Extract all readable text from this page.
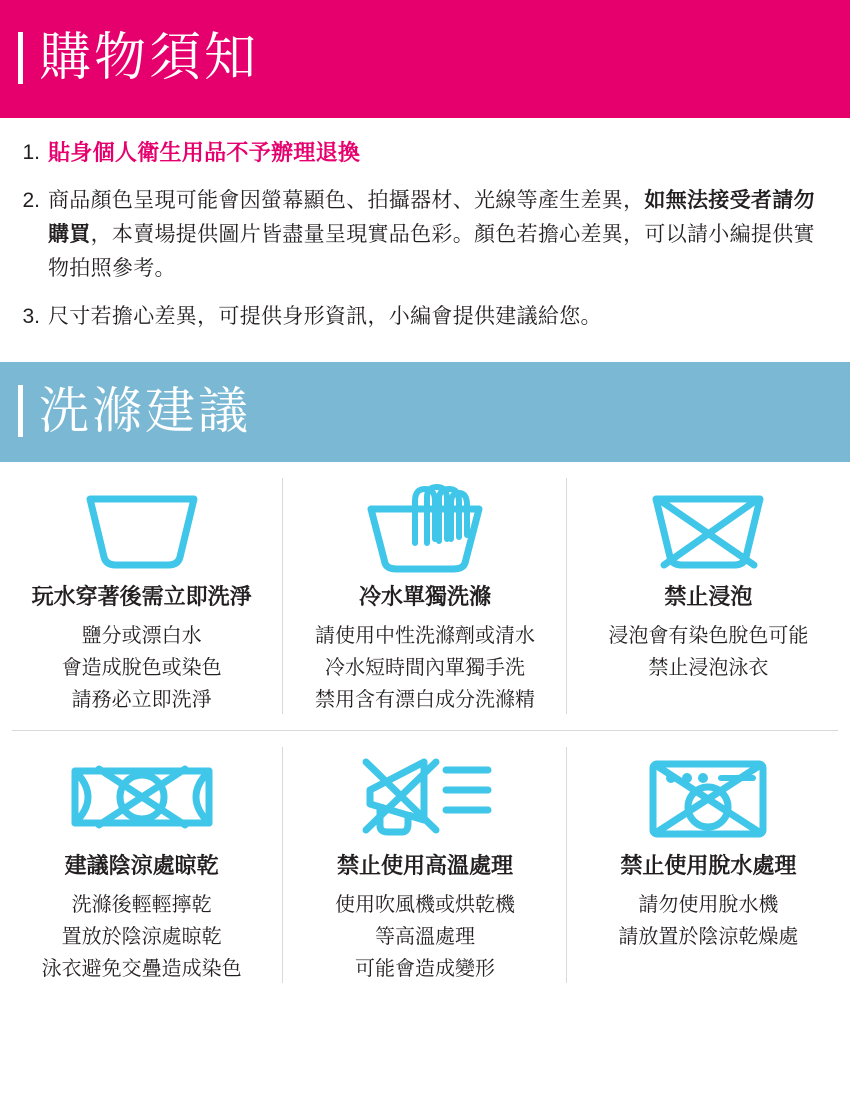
購物須知
1. 貼身個人衛生用品不予辦理退換
2. 商品顏色呈現可能會因螢幕顯色、拍攝器材、光線等產生差異，如無法接受者請勿購買，本賣場提供圖片皆盡量呈現實品色彩。顏色若擔心差異，可以請小編提供實物拍照參考。
3. 尺寸若擔心差異，可提供身形資訊，小編會提供建議給您。
洗滌建議
玩水穿著後需立即洗淨
鹽分或漂白水
會造成脫色或染色
請務必立即洗淨
冷水單獨洗滌
請使用中性洗滌劑或清水
冷水短時間內單獨手洗
禁用含有漂白成分洗滌精
禁止浸泡
浸泡會有染色脫色可能
禁止浸泡泳衣
建議陰涼處晾乾
洗滌後輕輕擰乾
置放於陰涼處晾乾
泳衣避免交疊造成染色
禁止使用高溫處理
使用吹風機或烘乾機
等高溫處理
可能會造成變形
禁止使用脫水處理
請勿使用脫水機
請放置於陰涼乾燥處
